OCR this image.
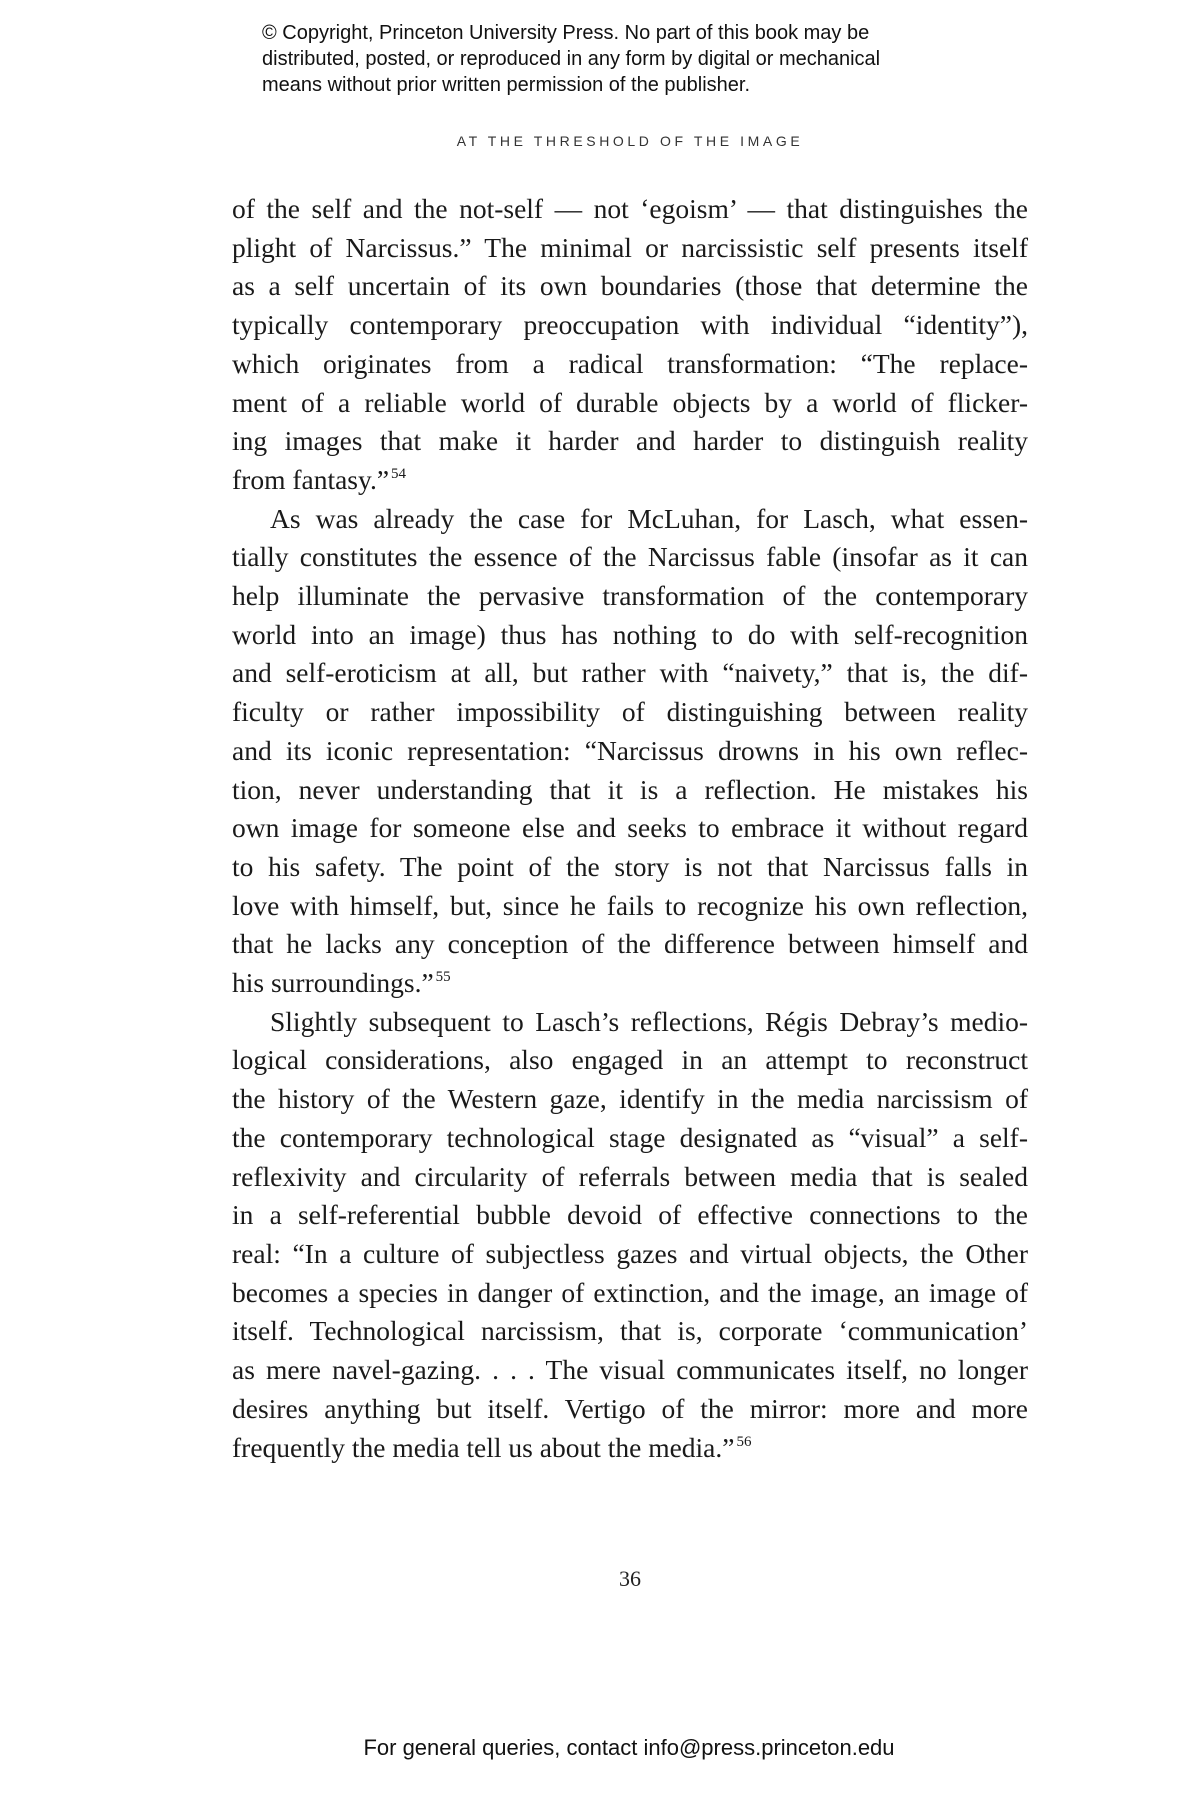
© Copyright, Princeton University Press. No part of this book may be
distributed, posted, or reproduced in any form by digital or mechanical
means without prior written permission of the publisher.
AT THE THRESHOLD OF THE IMAGE
of the self and the not-self — not ‘egoism’ — that distinguishes the
plight of Narcissus.” The minimal or narcissistic self presents itself
as a self uncertain of its own boundaries (those that determine the
typically contemporary preoccupation with individual “identity”),
which originates from a radical transformation: “The replace-
ment of a reliable world of durable objects by a world of flicker-
ing images that make it harder and harder to distinguish reality
from fantasy.” $^{54}$
As was already the case for McLuhan, for Lasch, what essen-
tially constitutes the essence of the Narcissus fable (insofar as it can
help illuminate the pervasive transformation of the contemporary
world into an image) thus has nothing to do with self-recognition
and self-eroticism at all, but rather with “naivety,” that is, the dif-
ficulty or rather impossibility of distinguishing between reality
and its iconic representation: “Narcissus drowns in his own reflec-
tion, never understanding that it is a reflection. He mistakes his
own image for someone else and seeks to embrace it without regard
to his safety. The point of the story is not that Narcissus falls in
love with himself, but, since he fails to recognize his own reflection,
that he lacks any conception of the difference between himself and
his surroundings.” $^{55}$
Slightly subsequent to Lasch’s reflections, Régis Debray’s medio-
logical considerations, also engaged in an attempt to reconstruct
the history of the Western gaze, identify in the media narcissism of
the contemporary technological stage designated as “visual” a self-
reflexivity and circularity of referrals between media that is sealed
in a self-referential bubble devoid of effective connections to the
real: “In a culture of subjectless gazes and virtual objects, the Other
becomes a species in danger of extinction, and the image, an image of
itself. Technological narcissism, that is, corporate ‘communication’
as mere navel-gazing. . . . The visual communicates itself, no longer
desires anything but itself. Vertigo of the mirror: more and more
frequently the media tell us about the media.” $^{56}$
36
For general queries, contact info@press.princeton.edu
